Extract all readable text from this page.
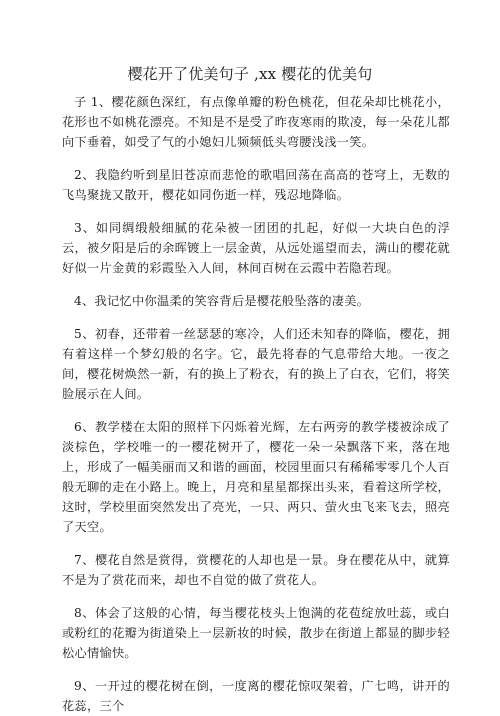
樱花开了优美句子 ,xx 樱花的优美句

子 1、樱花颜色深红，有点像单瓣的粉色桃花，但花朵却比桃花小，花形也不如桃花漂亮。不知是不是受了昨夜寒雨的欺凌，每一朵花儿都向下垂着，如受了气的小媳妇儿频频低头弯腰浅浅一笑。

2、我隐约听到星旧苍凉而悲怆的歌唱回荡在高高的苍穹上，无数的飞鸟聚拢又散开，樱花如同伤逝一样，残忍地降临。

3、如同绸缎般细腻的花朵被一团团的扎起，好似一大块白色的浮云，被夕阳是后的余晖镀上一层金黄，从远处遥望而去，满山的樱花就好似一片金黄的彩霞坠入人间，林间百树在云霞中若隐若现。

4、我记忆中你温柔的笑容背后是樱花般坠落的凄美。

5、初春，还带着一丝瑟瑟的寒冷，人们还未知春的降临，樱花，拥有着这样一个梦幻般的名字。它，最先将春的气息带给大地。一夜之间，樱花树焕然一新，有的换上了粉衣，有的换上了白衣，它们，将笑脸展示在人间。

6、教学楼在太阳的照样下闪烁着光辉，左右两旁的教学楼被涂成了淡棕色，学校唯一的一樱花树开了，樱花一朵一朵飘落下来，落在地上，形成了一幅美丽而又和谐的画面，校园里面只有稀稀零零几个人百般无聊的走在小路上。晚上，月亮和星星都探出头来，看着这所学校，这时，学校里面突然发出了亮光，一只、两只、萤火虫飞来飞去，照亮了天空。

7、樱花自然是赏得，赏樱花的人却也是一景。身在樱花从中，就算不是为了赏花而来，却也不自觉的做了赏花人。

8、体会了这般的心情，每当樱花枝头上饱满的花苞绽放吐蕊，或白或粉红的花瓣为街道染上一层新妆的时候，散步在街道上都显的脚步轻松心情愉快。

9、一开过的樱花树在倒，一度离的樱花惊叹架着，广七鸣，讲开的花蕊，三个
